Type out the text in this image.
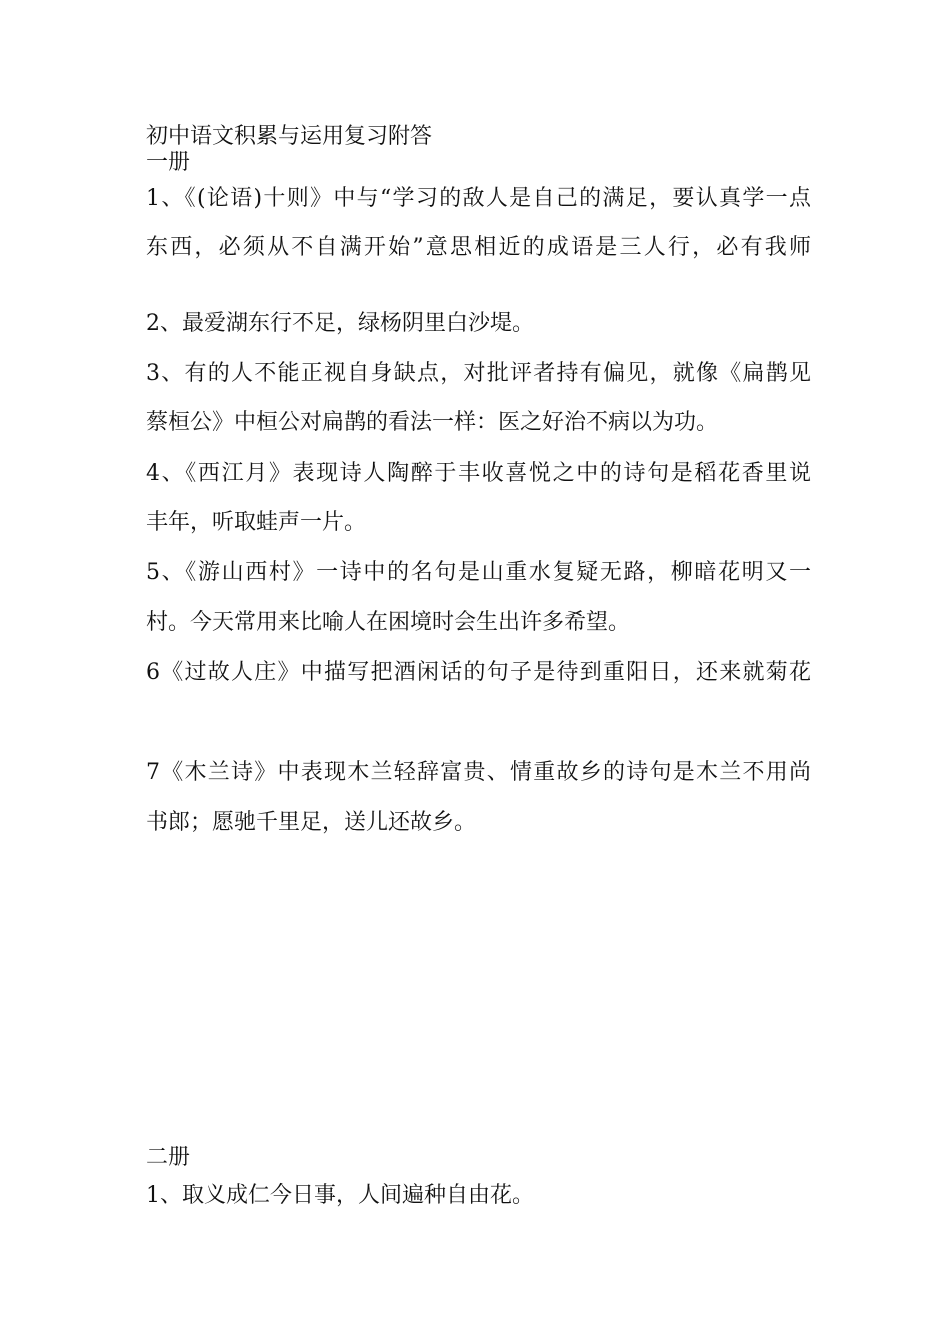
初中语文积累与运用复习附答

一册

1、《(论语)十则》中与“学习的敌人是自己的满足，要认真学一点

东西，必须从不自满开始”意思相近的成语是三人行，必有我师

2、最爱湖东行不足，绿杨阴里白沙堤。

3、有的人不能正视自身缺点，对批评者持有偏见，就像《扁鹊见

蔡桓公》中桓公对扁鹊的看法一样：医之好治不病以为功。

4、《西江月》表现诗人陶醉于丰收喜悦之中的诗句是稻花香里说

丰年，听取蛙声一片。

5、《游山西村》一诗中的名句是山重水复疑无路，柳暗花明又一

村。今天常用来比喻人在困境时会生出许多希望。

6《过故人庄》中描写把酒闲话的句子是待到重阳日，还来就菊花

7《木兰诗》中表现木兰轻辞富贵、情重故乡的诗句是木兰不用尚

书郎；愿驰千里足，送儿还故乡。

二册

1、取义成仁今日事，人间遍种自由花。
